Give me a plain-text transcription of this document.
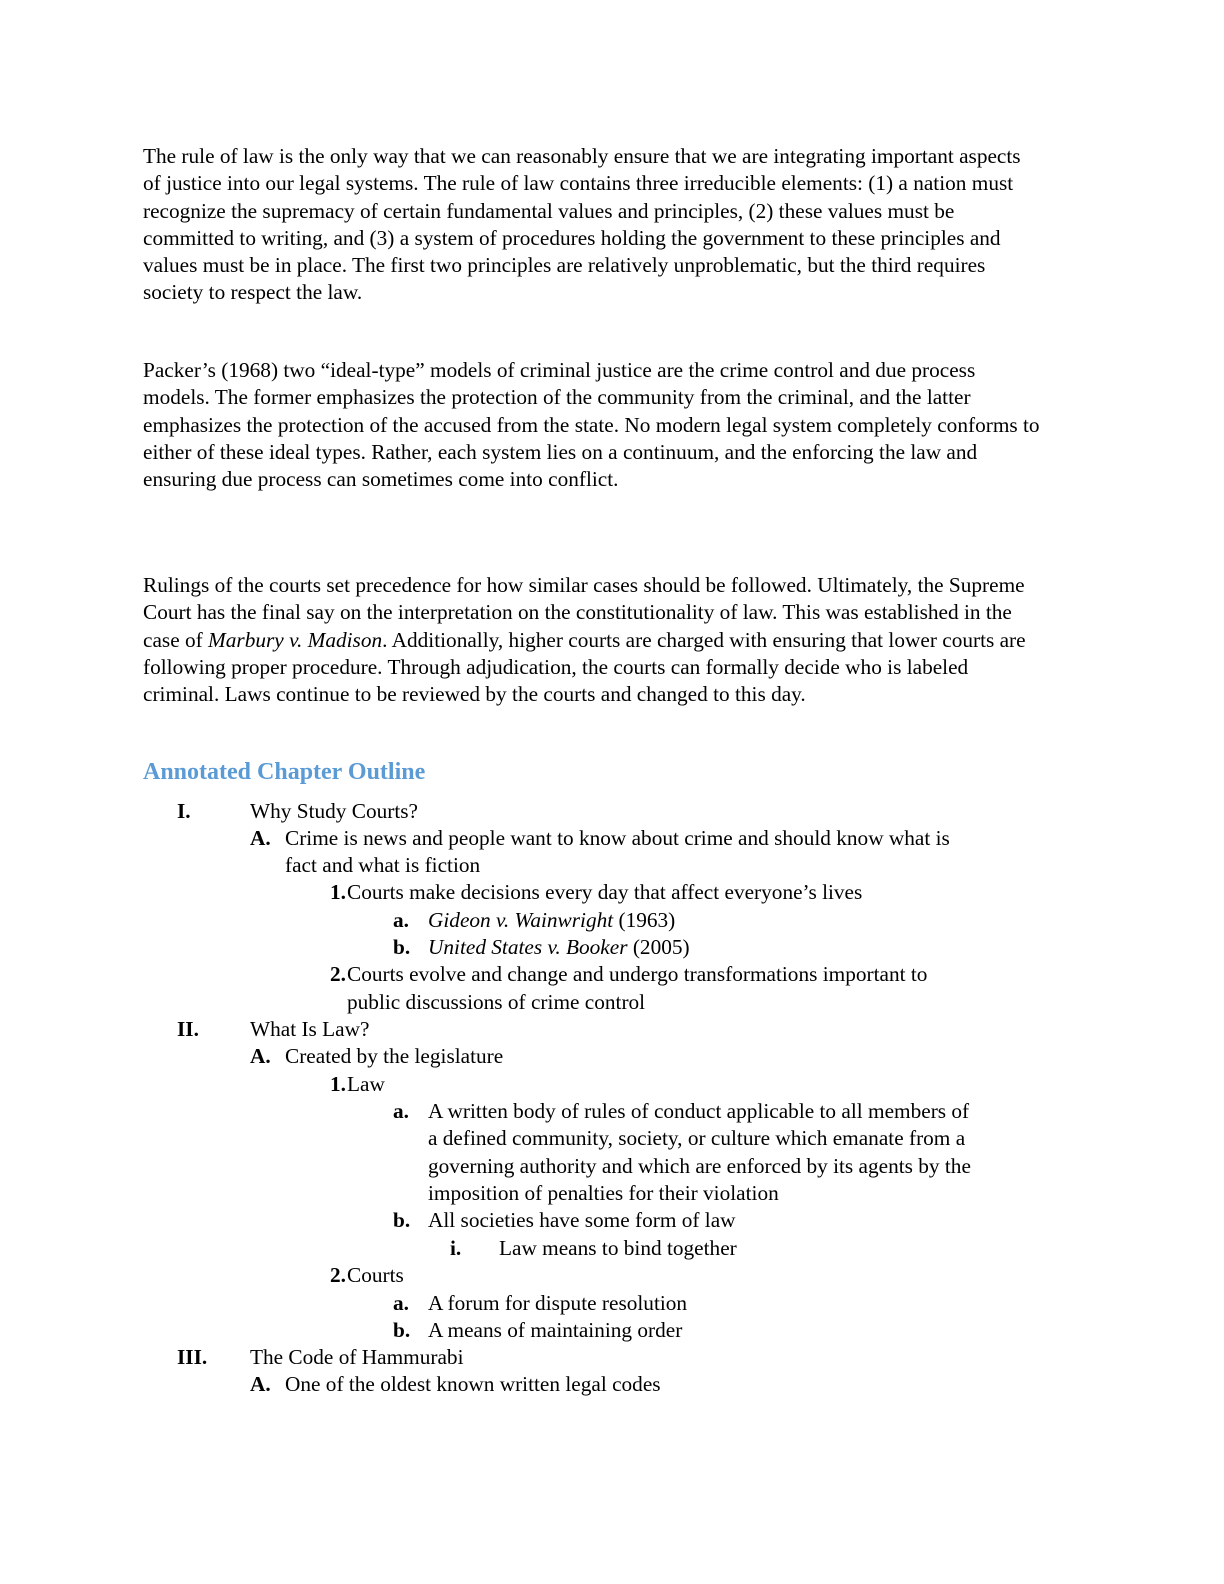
The rule of law is the only way that we can reasonably ensure that we are integrating important aspects of justice into our legal systems. The rule of law contains three irreducible elements: (1) a nation must recognize the supremacy of certain fundamental values and principles, (2) these values must be committed to writing, and (3) a system of procedures holding the government to these principles and values must be in place. The first two principles are relatively unproblematic, but the third requires society to respect the law.

Packer’s (1968) two “ideal-type” models of criminal justice are the crime control and due process models. The former emphasizes the protection of the community from the criminal, and the latter emphasizes the protection of the accused from the state. No modern legal system completely conforms to either of these ideal types. Rather, each system lies on a continuum, and the enforcing the law and ensuring due process can sometimes come into conflict.

Rulings of the courts set precedence for how similar cases should be followed. Ultimately, the Supreme Court has the final say on the interpretation on the constitutionality of law. This was established in the case of Marbury v. Madison. Additionally, higher courts are charged with ensuring that lower courts are following proper procedure. Through adjudication, the courts can formally decide who is labeled criminal. Laws continue to be reviewed by the courts and changed to this day.

Annotated Chapter Outline
I.	Why Study Courts?
A. Crime is news and people want to know about crime and should know what is
fact and what is fiction
1. Courts make decisions every day that affect everyone’s lives
a. Gideon v. Wainwright (1963)
b. United States v. Booker (2005)
2. Courts evolve and change and undergo transformations important to
public discussions of crime control
II. What Is Law?
A. Created by the legislature
1. Law
a. A written body of rules of conduct applicable to all members of
a defined community, society, or culture which emanate from a
governing authority and which are enforced by its agents by the
imposition of penalties for their violation
b. All societies have some form of law
i. Law means to bind together
2. Courts
a. A forum for dispute resolution
b. A means of maintaining order
III. The Code of Hammurabi
A. One of the oldest known written legal codes
